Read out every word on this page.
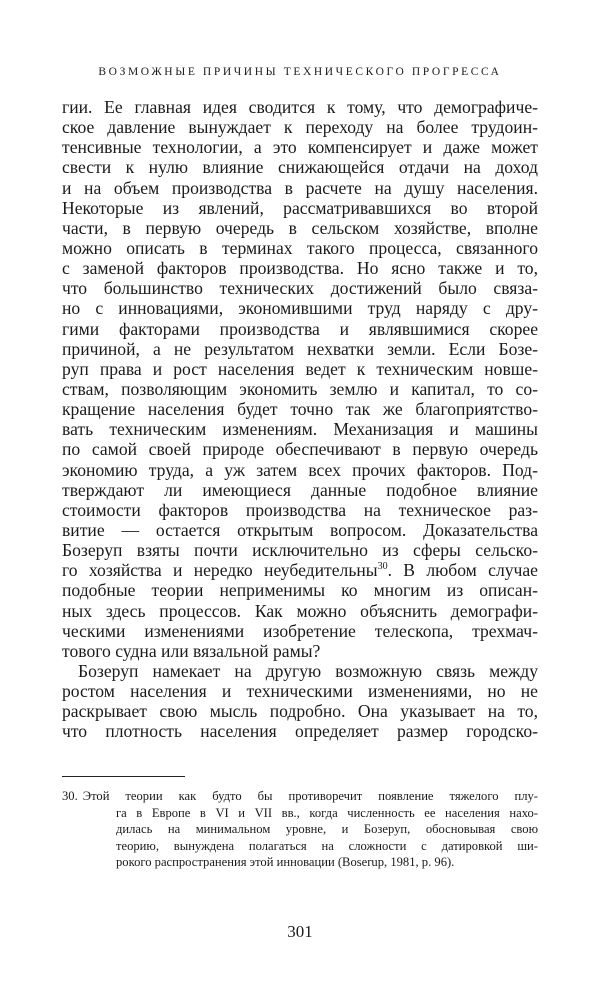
ВОЗМОЖНЫЕ ПРИЧИНЫ ТЕХНИЧЕСКОГО ПРОГРЕССА
гии. Ее главная идея сводится к тому, что демографиче-
ское давление вынуждает к переходу на более трудоин-
тенсивные технологии, а это компенсирует и даже может
свести к нулю влияние снижающейся отдачи на доход
и на объем производства в расчете на душу населения.
Некоторые из явлений, рассматривавшихся во второй
части, в первую очередь в сельском хозяйстве, вполне
можно описать в терминах такого процесса, связанного
с заменой факторов производства. Но ясно также и то,
что большинство технических достижений было связа-
но с инновациями, экономившими труд наряду с дру-
гими факторами производства и являвшимися скорее
причиной, а не результатом нехватки земли. Если Бозе-
руп права и рост населения ведет к техническим новше-
ствам, позволяющим экономить землю и капитал, то со-
кращение населения будет точно так же благоприятство-
вать техническим изменениям. Механизация и машины
по самой своей природе обеспечивают в первую очередь
экономию труда, а уж затем всех прочих факторов. Под-
тверждают ли имеющиеся данные подобное влияние
стоимости факторов производства на техническое раз-
витие — остается открытым вопросом. Доказательства
Бозеруп взяты почти исключительно из сферы сельско-
го хозяйства и нередко неубедительны$^{30}$. В любом случае
подобные теории неприменимы ко многим из описан-
ных здесь процессов. Как можно объяснить демографи-
ческими изменениями изобретение телескопа, трехмач-
тового судна или вязальной рамы?
Бозеруп намекает на другую возможную связь между
ростом населения и техническими изменениями, но не
раскрывает свою мысль подробно. Она указывает на то,
что плотность населения определяет размер городско-
30. Этой теории как будто бы противоречит появление тяжелого плу-
га в Европе в VI и VII вв., когда численность ее населения нахо-
дилась на минимальном уровне, и Бозеруп, обосновывая свою
теорию, вынуждена полагаться на сложности с датировкой ши-
рокого распространения этой инновации (Boserup, 1981, p. 96).
301
